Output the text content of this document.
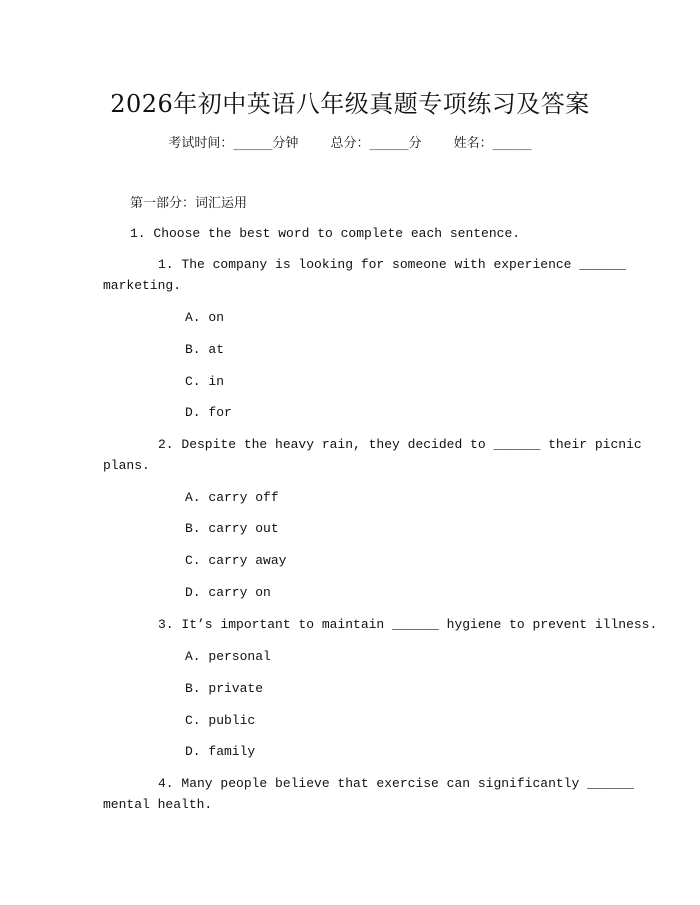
2026年初中英语八年级真题专项练习及答案
考试时间：______分钟 总分：______分 姓名：______
第一部分：词汇运用
1. Choose the best word to complete each sentence.
1. The company is looking for someone with experience ______
marketing.
A. on
B. at
C. in
D. for
2. Despite the heavy rain, they decided to ______ their picnic
plans.
A. carry off
B. carry out
C. carry away
D. carry on
3. It’s important to maintain ______ hygiene to prevent illness.
A. personal
B. private
C. public
D. family
4. Many people believe that exercise can significantly ______
mental health.
